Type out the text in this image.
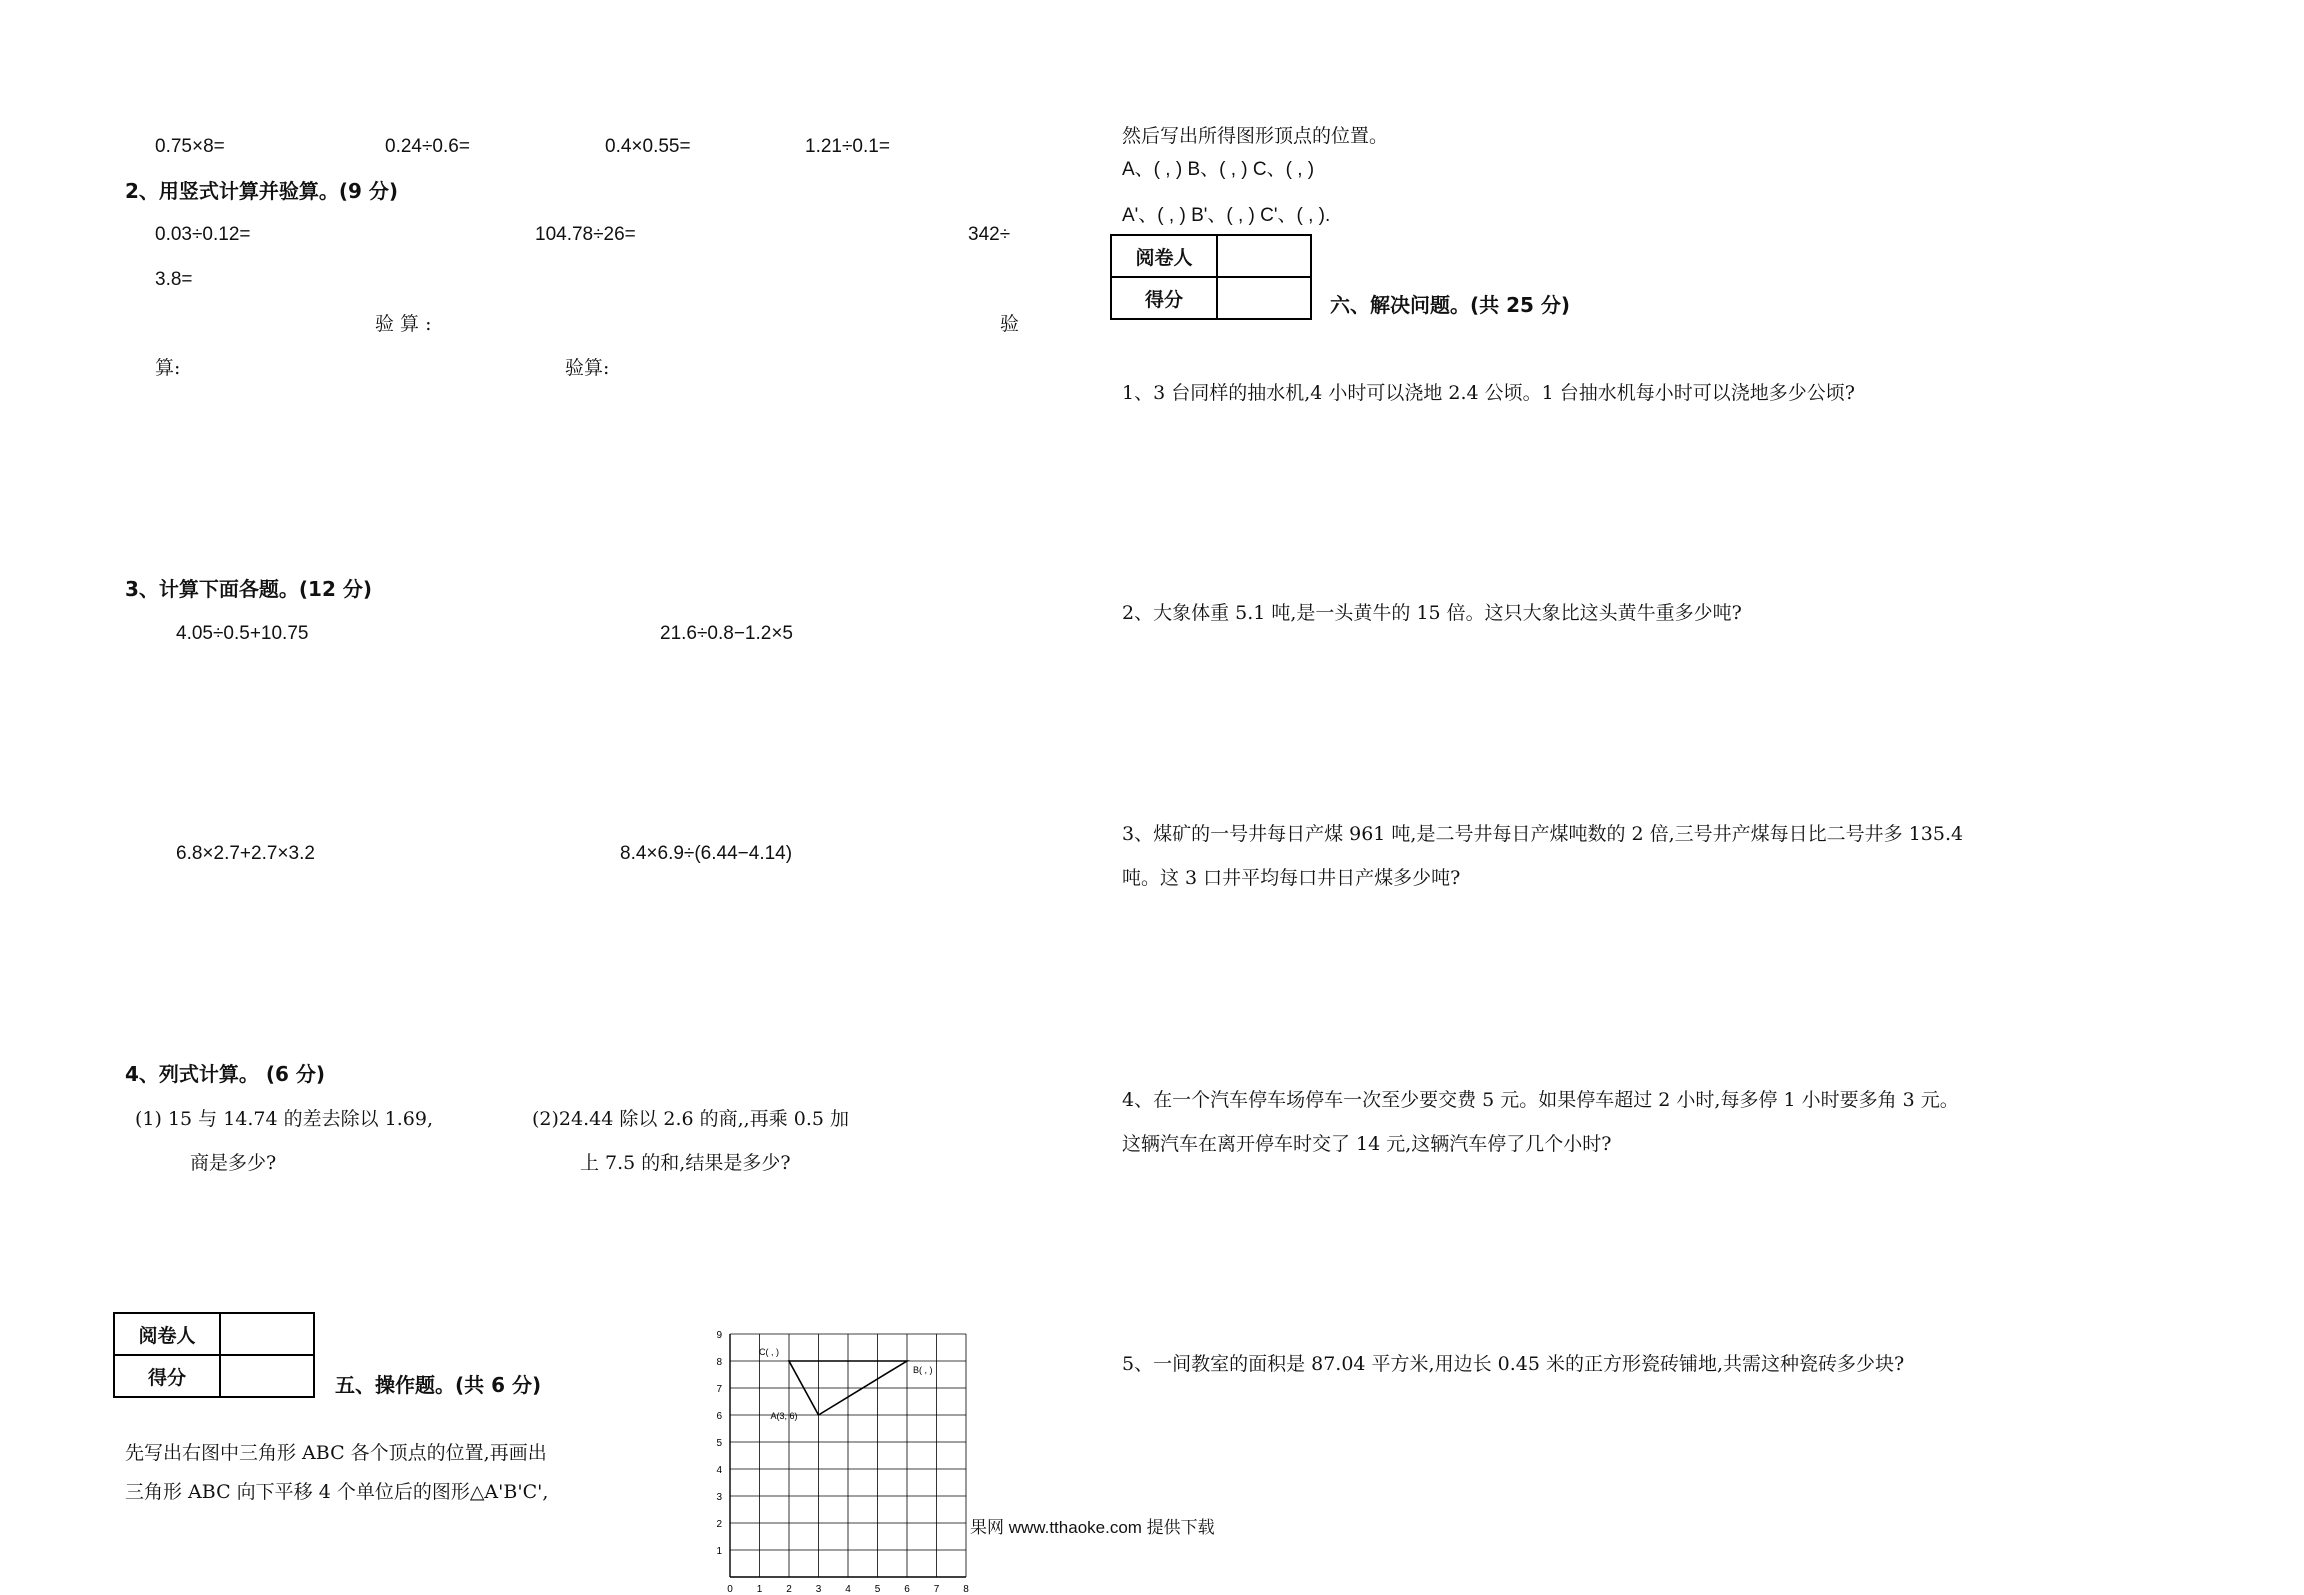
0.75×8=	0.24÷0.6=	0.4×0.55=	1.21÷0.1=
2、用竖式计算并验算。(9 分)
0.03÷0.12=	104.78÷26=	342÷
3.8=
验 算 :	验
算:	验算:
3、计算下面各题。(12 分)
4.05÷0.5+10.75	21.6÷0.8−1.2×5
6.8×2.7+2.7×3.2	8.4×6.9÷(6.44−4.14)
4、列式计算。 (6 分)
(1) 15 与 14.74 的差去除以 1.69,
商是多少?
(2)24.44 除以 2.6 的商,,再乘 0.5 加
上 7.5 的和,结果是多少?
阅卷人	
得分		五、操作题。(共 6 分)
先写出右图中三角形 ABC 各个顶点的位置,再画出
三角形 ABC 向下平移 4 个单位后的图形△A'B'C',
0 1 2 3 4 5 6 7 8
1
2
3
4
5
6
7
8
9
C( , )
B( , )
A(3, 6)
果网 www.tthaoke.com 提供下载
然后写出所得图形顶点的位置。
A、( , ) B、( , ) C、( , )
A'、( , ) B'、( , ) C'、( , ).
阅卷人	
得分		六、解决问题。(共 25 分)
1、3 台同样的抽水机,4 小时可以浇地 2.4 公顷。1 台抽水机每小时可以浇地多少公顷?
2、大象体重 5.1 吨,是一头黄牛的 15 倍。这只大象比这头黄牛重多少吨?
3、煤矿的一号井每日产煤 961 吨,是二号井每日产煤吨数的 2 倍,三号井产煤每日比二号井多 135.4
吨。这 3 口井平均每口井日产煤多少吨?
4、在一个汽车停车场停车一次至少要交费 5 元。如果停车超过 2 小时,每多停 1 小时要多角 3 元。
这辆汽车在离开停车时交了 14 元,这辆汽车停了几个小时?
5、一间教室的面积是 87.04 平方米,用边长 0.45 米的正方形瓷砖铺地,共需这种瓷砖多少块?
